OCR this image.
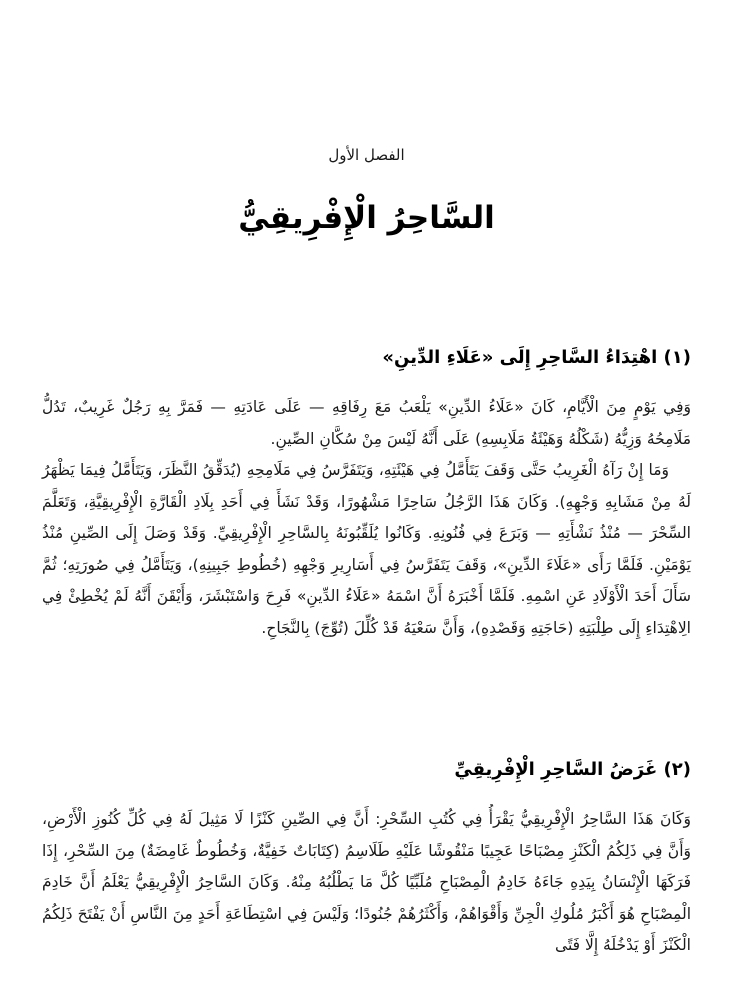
الفصل الأول
السَّاحِرُ الْإِفْرِيقِيُّ
(١) اهْتِدَاءُ السَّاحِرِ إِلَى «عَلَاءِ الدِّينِ»

وَفِي يَوْمٍ مِنَ الْأَيَّامِ، كَانَ «عَلَاءُ الدِّينِ» يَلْعَبُ مَعَ رِفَاقِهِ — عَلَى عَادَتِهِ — فَمَرَّ بِهِ رَجُلٌ غَرِيبٌ، تَدُلُّ مَلَامِحُهُ وَزِيُّهُ (شَكْلُهُ وَهَيْئَةُ مَلَابِسِهِ) عَلَى أَنَّهُ لَيْسَ مِنْ سُكَّانِ الصِّينِ.

وَمَا إِنْ رَآهُ الْغَرِيبُ حَتَّى وَقَفَ يَتَأَمَّلُ فِي هَيْئَتِهِ، وَيَتَفَرَّسُ فِي مَلَامِحِهِ (يُدَقِّقُ النَّظَرَ، وَيَتَأَمَّلُ فِيمَا يَظْهَرُ لَهُ مِنْ مَشَابِهِ وَجْهِهِ). وَكَانَ هَذَا الرَّجُلُ سَاحِرًا مَشْهُورًا، وَقَدْ نَشَأَ فِي أَحَدِ بِلَادِ الْقَارَّةِ الْإِفْرِيقِيَّةِ، وَتَعَلَّمَ السِّحْرَ — مُنْذُ نَشْأَتِهِ — وَبَرَعَ فِي فُنُونِهِ. وَكَانُوا يُلَقِّبُونَهُ بِالسَّاحِرِ الْإِفْرِيقِيِّ. وَقَدْ وَصَلَ إِلَى الصِّينِ مُنْذُ يَوْمَيْنِ. فَلَمَّا رَأَى «عَلَاءَ الدِّينِ»، وَقَفَ يَتَفَرَّسُ فِي أَسَارِيرِ وَجْهِهِ (خُطُوطِ جَبِينِهِ)، وَيَتَأَمَّلُ فِي صُورَتِهِ؛ ثُمَّ سَأَلَ أَحَدَ الْأَوْلَادِ عَنِ اسْمِهِ. فَلَمَّا أَخْبَرَهُ أَنَّ اسْمَهُ «عَلَاءُ الدِّينِ» فَرِحَ وَاسْتَبْشَرَ، وَأَيْقَنَ أَنَّهُ لَمْ يُخْطِئْ فِي الِاهْتِدَاءِ إِلَى طِلْبَتِهِ (حَاجَتِهِ وَقَصْدِهِ)، وَأَنَّ سَعْيَهُ قَدْ كُلِّلَ (تُوِّجَ) بِالنَّجَاحِ.

(٢) غَرَضُ السَّاحِرِ الْإِفْرِيقِيِّ

وَكَانَ هَذَا السَّاحِرُ الْإِفْرِيقِيُّ يَقْرَأُ فِي كُتُبِ السِّحْرِ: أَنَّ فِي الصِّينِ كَنْزًا لَا مَثِيلَ لَهُ فِي كُلِّ كُنُوزِ الْأَرْضِ، وَأَنَّ فِي ذَلِكُمُ الْكَنْزِ مِصْبَاحًا عَجِيبًا مَنْقُوشًا عَلَيْهِ طَلَاسِمُ (كِتَابَاتٌ خَفِيَّةٌ، وَخُطُوطٌ غَامِضَةٌ) مِنَ السِّحْرِ، إِذَا فَرَكَهَا الْإِنْسَانُ بِيَدِهِ جَاءَهُ خَادِمُ الْمِصْبَاحِ مُلَبِّيًا كُلَّ مَا يَطْلُبُهُ مِنْهُ. وَكَانَ السَّاحِرُ الْإِفْرِيقِيُّ يَعْلَمُ أَنَّ خَادِمَ الْمِصْبَاحِ هُوَ أَكْبَرُ مُلُوكِ الْجِنِّ وَأَقْوَاهُمْ، وَأَكْثَرُهُمْ جُنُودًا؛ وَلَيْسَ فِي اسْتِطَاعَةِ أَحَدٍ مِنَ النَّاسِ أَنْ يَفْتَحَ ذَلِكُمُ الْكَنْزَ أَوْ يَدْخُلَهُ إِلَّا فَتًى
